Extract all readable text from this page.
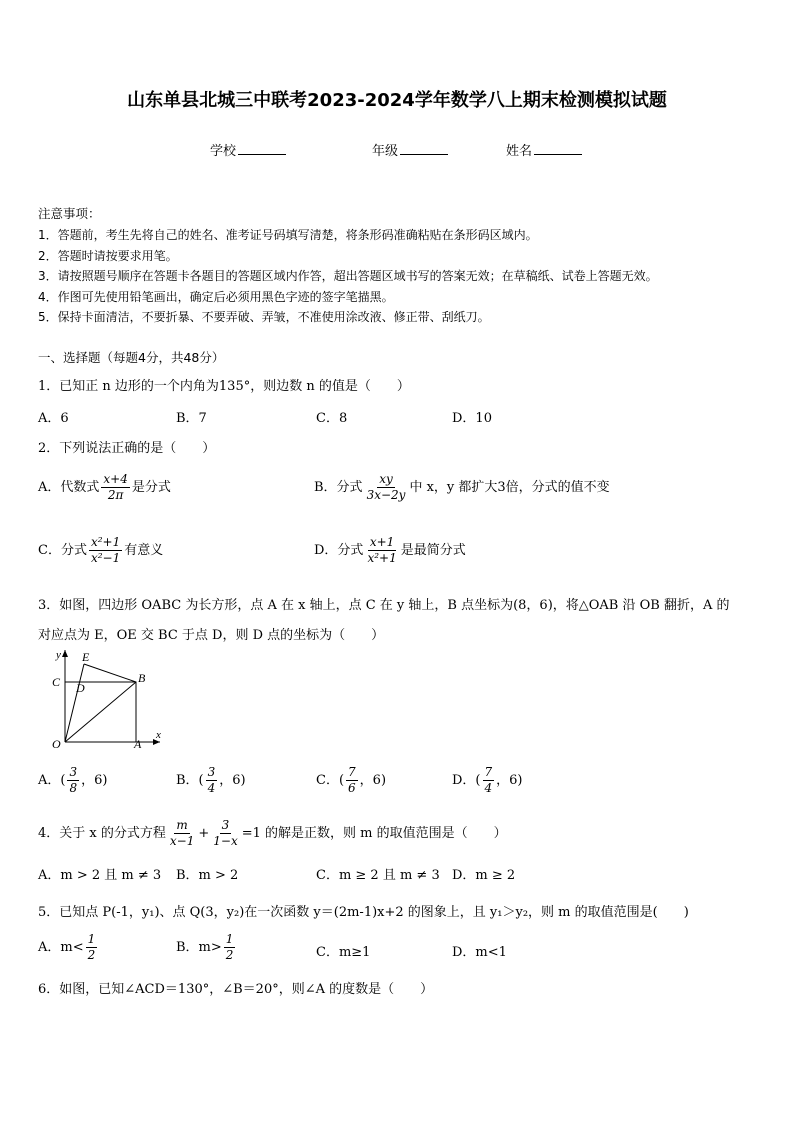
山东单县北城三中联考2023-2024学年数学八上期末检测模拟试题
学校	年级	姓名
注意事项：
1．答题前，考生先将自己的姓名、准考证号码填写清楚，将条形码准确粘贴在条形码区域内。
2．答题时请按要求用笔。
3．请按照题号顺序在答题卡各题目的答题区域内作答，超出答题区域书写的答案无效；在草稿纸、试卷上答题无效。
4．作图可先使用铅笔画出，确定后必须用黑色字迹的签字笔描黑。
5．保持卡面清洁，不要折暴、不要弄破、弄皱，不准使用涂改液、修正带、刮纸刀。
一、选择题（每题4分，共48分）
1．已知正 n 边形的一个内角为135°，则边数 n 的值是（　　）
A．6	B．7	C．8	D．10
2．下列说法正确的是（　　）
A．代数式 $\frac{x+4}{2\pi}$ 是分式	B．分式 $\frac{xy}{3x-2y}$ 中 x，y 都扩大3倍，分式的值不变
C．分式 $\frac{\text{x²+1}}{\text{x²−1}}$ 有意义	D．分式 $\frac{x+1}{\text{x²+1}}$ 是最简分式
3．如图，四边形 OABC 为长方形，点 A 在 x 轴上，点 C 在 y 轴上，B 点坐标为(8，6)，将△OAB 沿 OB 翻折，A 的
对应点为 E，OE 交 BC 于点 D，则 D 点的坐标为（　　）
y E
C D
B
O	A
x
A．( $\frac{3}{8}$ ，6)	B．( $\frac{3}{4}$ ，6)	C．( $\frac{7}{6}$ ，6)	D．( $\frac{7}{4}$ ，6)
4．关于 x 的分式方程 $\frac{m}{x-1} + \frac{3}{1-x} =1$ 的解是正数，则 m 的取值范围是（　　）
A．m > 2 且 m ≠ 3 B．m > 2	C．m ≥ 2 且 m ≠ 3 D．m ≥ 2
5．已知点 P(-1，y₁)、点 Q(3，y₂)在一次函数 y＝(2m-1)x+2 的图象上，且 y₁＞y₂，则 m 的取值范围是(　　)
A．$m< \frac{1}{2}$	B．$m> \frac{1}{2}$	C．m≥1	D．m<1
6．如图，已知∠ACD＝130°，∠B＝20°，则∠A 的度数是（　　）
